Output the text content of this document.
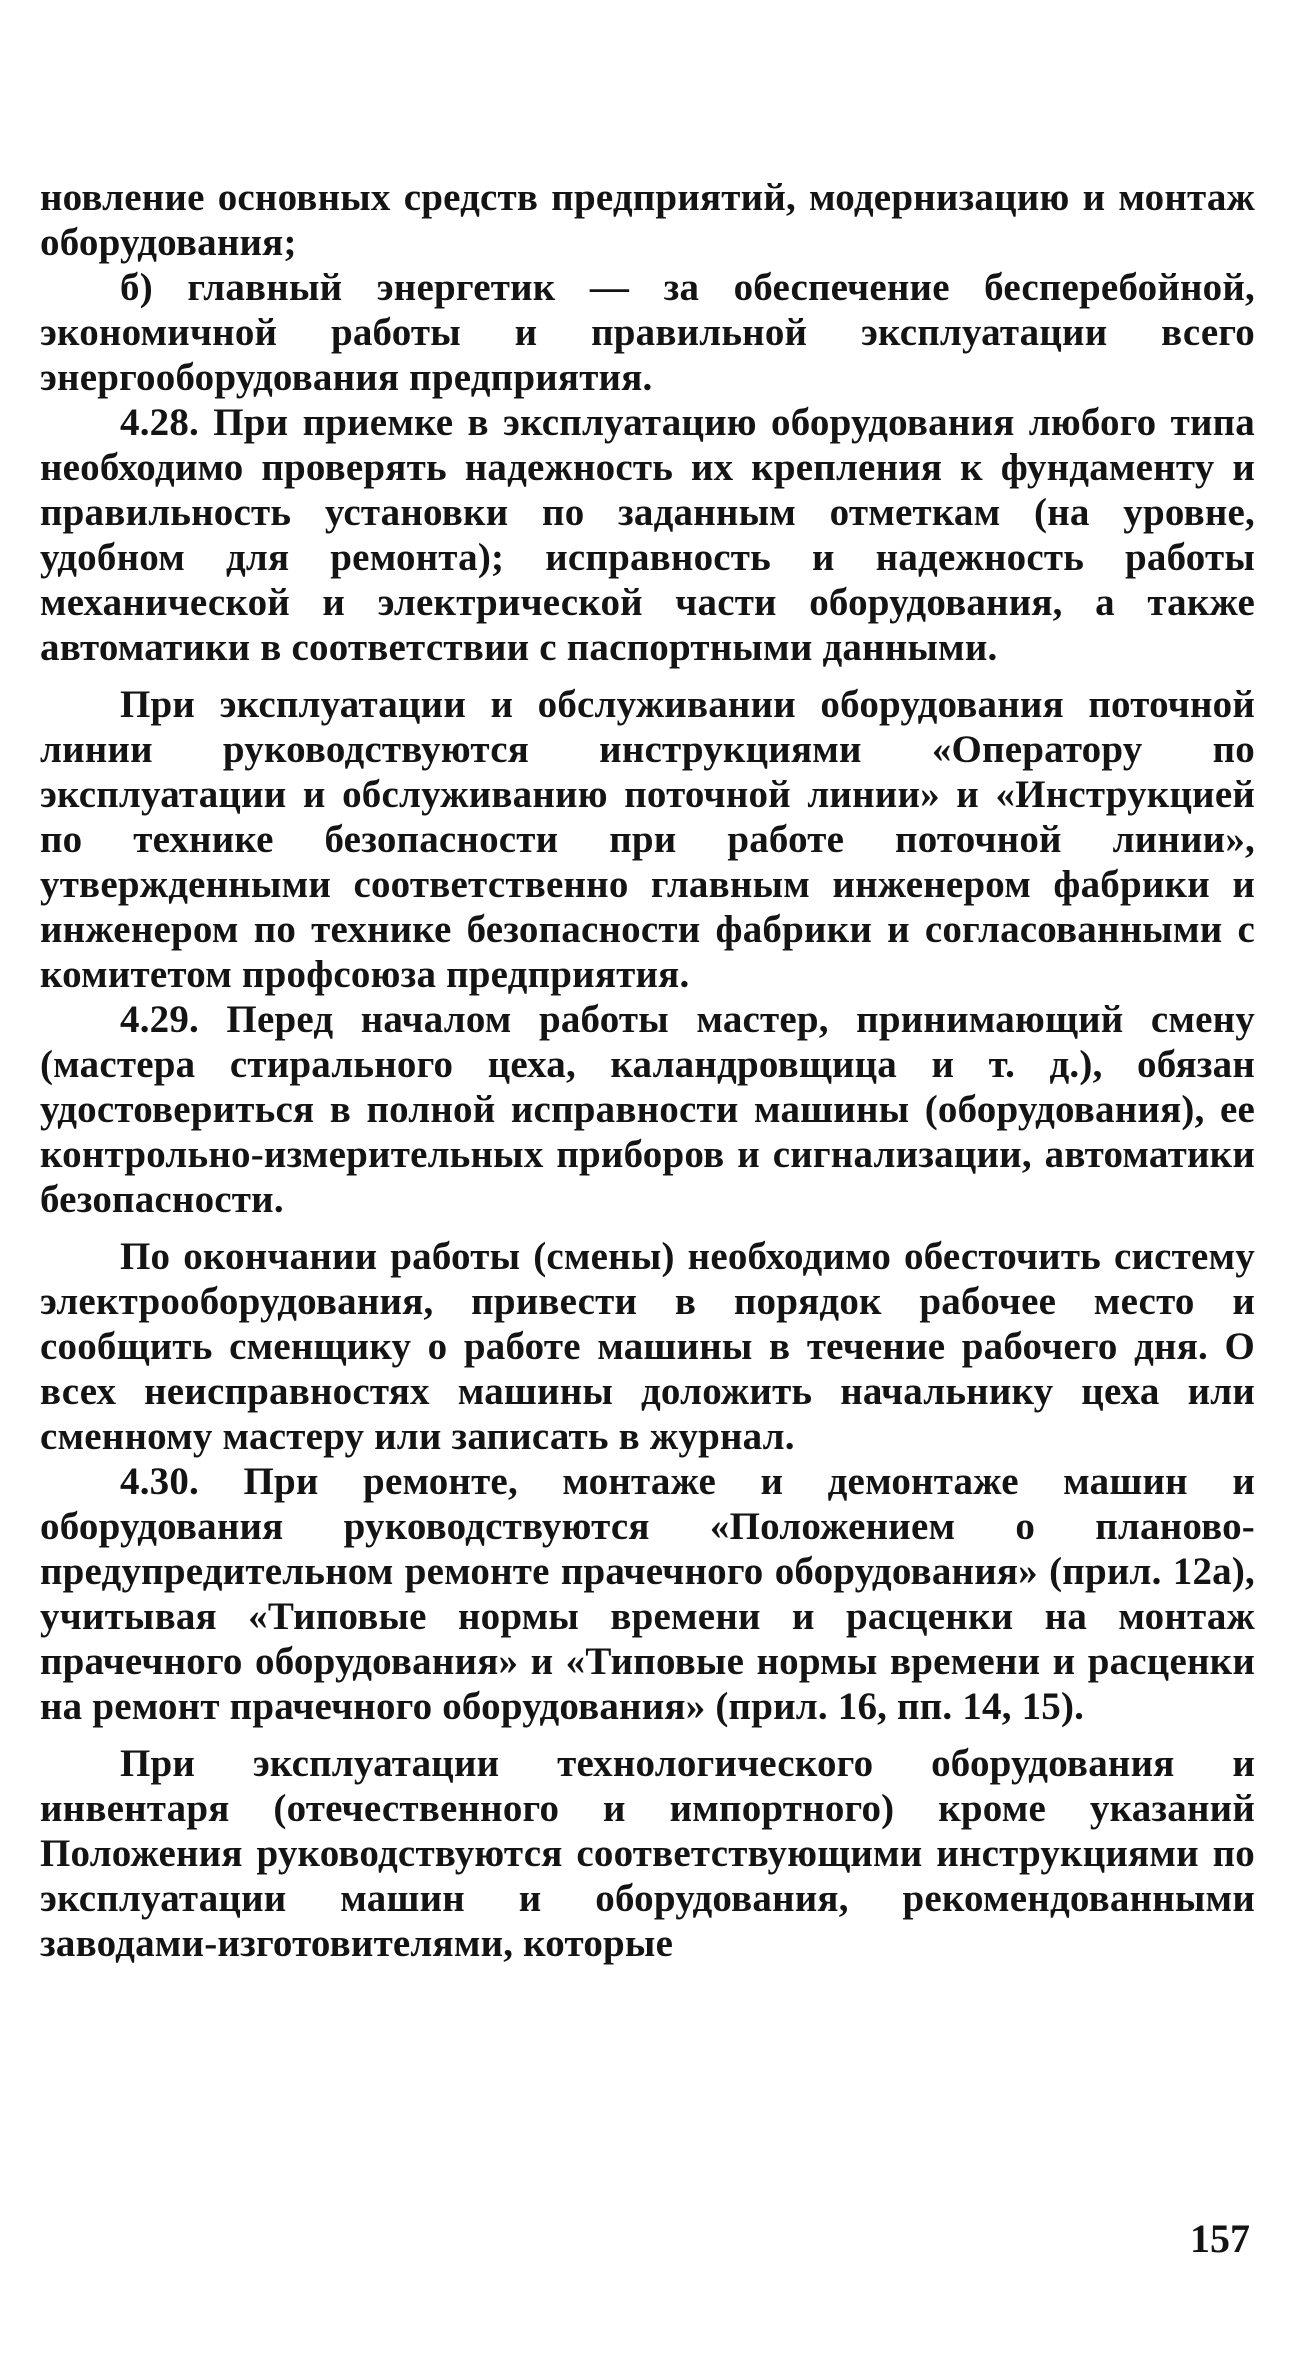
новление основных средств предприятий, модернизацию и монтаж оборудования;

б) главный энергетик — за обеспечение бесперебойной, экономичной работы и правильной эксплуатации всего энергооборудования предприятия.

4.28. При приемке в эксплуатацию оборудования любого типа необходимо проверять надежность их крепления к фундаменту и правильность установки по заданным отметкам (на уровне, удобном для ремонта); исправность и надежность работы механической и электрической части оборудования, а также автоматики в соответствии с паспортными данными.

При эксплуатации и обслуживании оборудования поточной линии руководствуются инструкциями «Оператору по эксплуатации и обслуживанию поточной линии» и «Инструкцией по технике безопасности при работе поточной линии», утвержденными соответственно главным инженером фабрики и инженером по технике безопасности фабрики и согласованными с комитетом профсоюза предприятия.

4.29. Перед началом работы мастер, принимающий смену (мастера стирального цеха, каландровщица и т. д.), обязан удостовериться в полной исправности машины (оборудования), ее контрольно-измерительных приборов и сигнализации, автоматики безопасности.

По окончании работы (смены) необходимо обесточить систему электрооборудования, привести в порядок рабочее место и сообщить сменщику о работе машины в течение рабочего дня. О всех неисправностях машины доложить начальнику цеха или сменному мастеру или записать в журнал.

4.30. При ремонте, монтаже и демонтаже машин и оборудования руководствуются «Положением о планово-предупредительном ремонте прачечного оборудования» (прил. 12а), учитывая «Типовые нормы времени и расценки на монтаж прачечного оборудования» и «Типовые нормы времени и расценки на ремонт прачечного оборудования» (прил. 16, пп. 14, 15).

При эксплуатации технологического оборудования и инвентаря (отечественного и импортного) кроме указаний Положения руководствуются соответствующими инструкциями по эксплуатации машин и оборудования, рекомендованными заводами-изготовителями, которые

157
